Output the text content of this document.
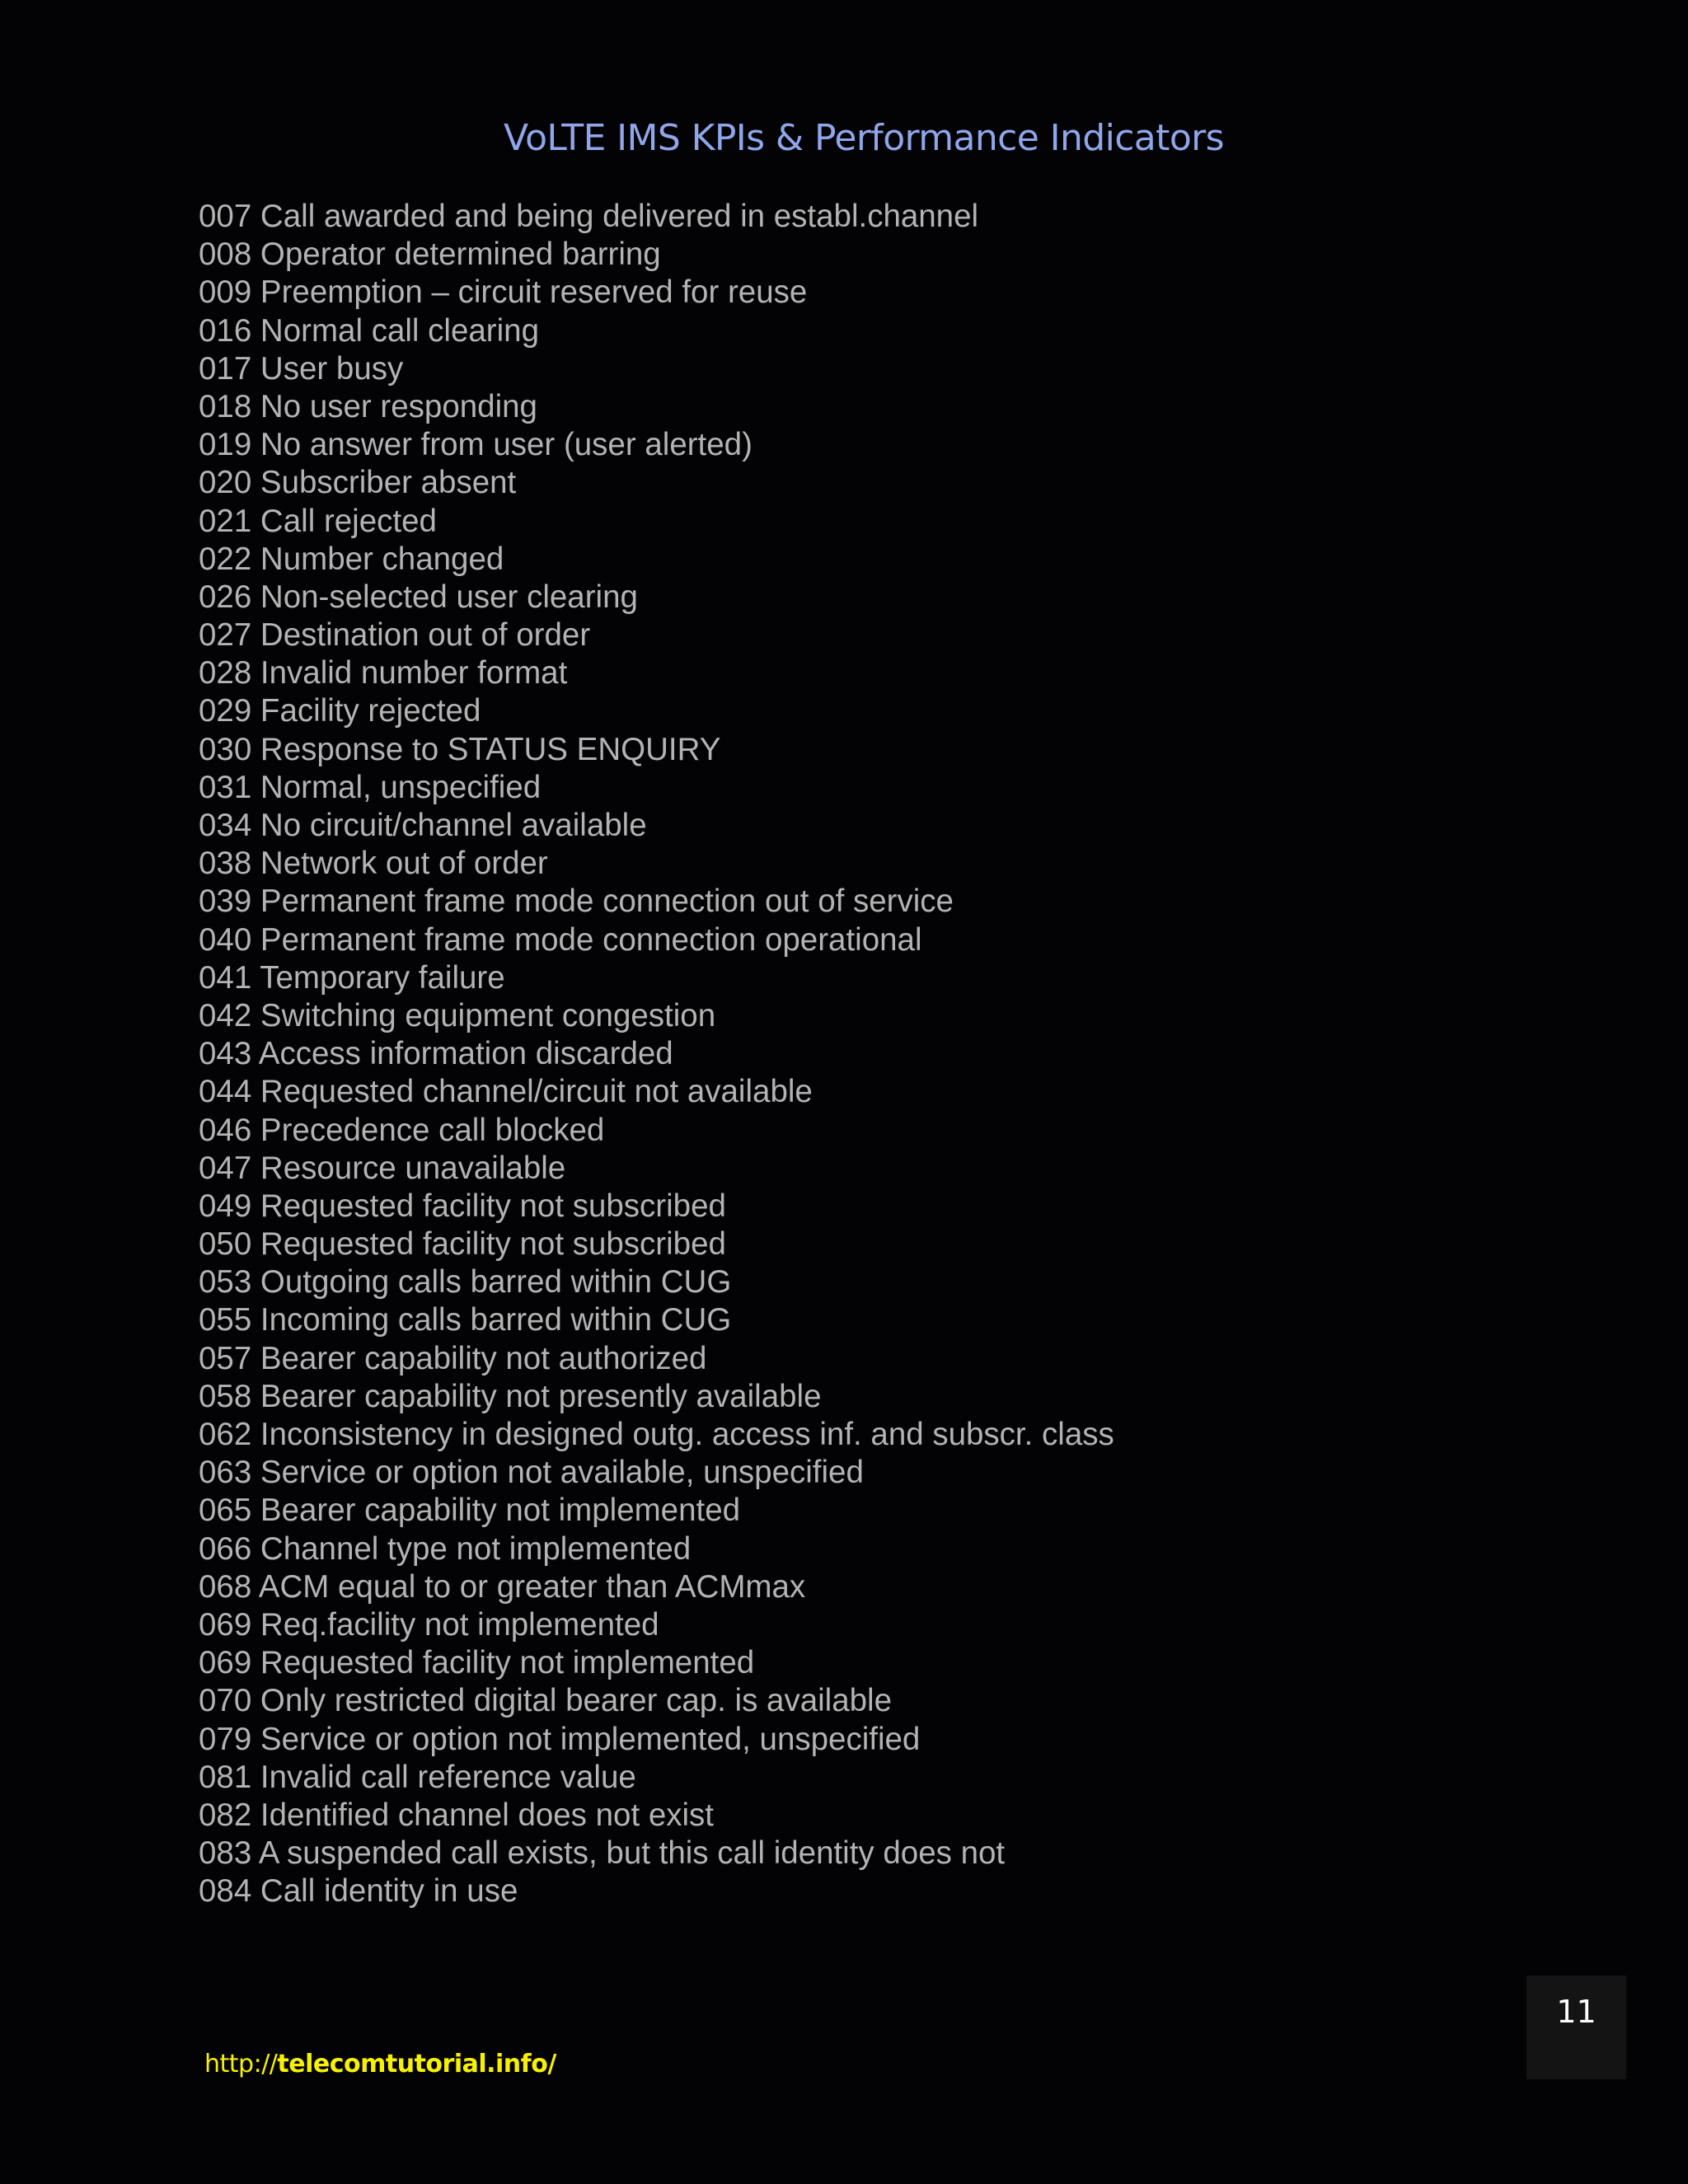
VoLTE IMS KPIs & Performance Indicators
007 Call awarded and being delivered in establ.channel
008 Operator determined barring
009 Preemption – circuit reserved for reuse
016 Normal call clearing
017 User busy
018 No user responding
019 No answer from user (user alerted)
020 Subscriber absent
021 Call rejected
022 Number changed
026 Non-selected user clearing
027 Destination out of order
028 Invalid number format
029 Facility rejected
030 Response to STATUS ENQUIRY
031 Normal, unspecified
034 No circuit/channel available
038 Network out of order
039 Permanent frame mode connection out of service
040 Permanent frame mode connection operational
041 Temporary failure
042 Switching equipment congestion
043 Access information discarded
044 Requested channel/circuit not available
046 Precedence call blocked
047 Resource unavailable
049 Requested facility not subscribed
050 Requested facility not subscribed
053 Outgoing calls barred within CUG
055 Incoming calls barred within CUG
057 Bearer capability not authorized
058 Bearer capability not presently available
062 Inconsistency in designed outg. access inf. and subscr. class
063 Service or option not available, unspecified
065 Bearer capability not implemented
066 Channel type not implemented
068 ACM equal to or greater than ACMmax
069 Req.facility not implemented
069 Requested facility not implemented
070 Only restricted digital bearer cap. is available
079 Service or option not implemented, unspecified
081 Invalid call reference value
082 Identified channel does not exist
083 A suspended call exists, but this call identity does not
084 Call identity in use
http://telecomtutorial.info/
11
